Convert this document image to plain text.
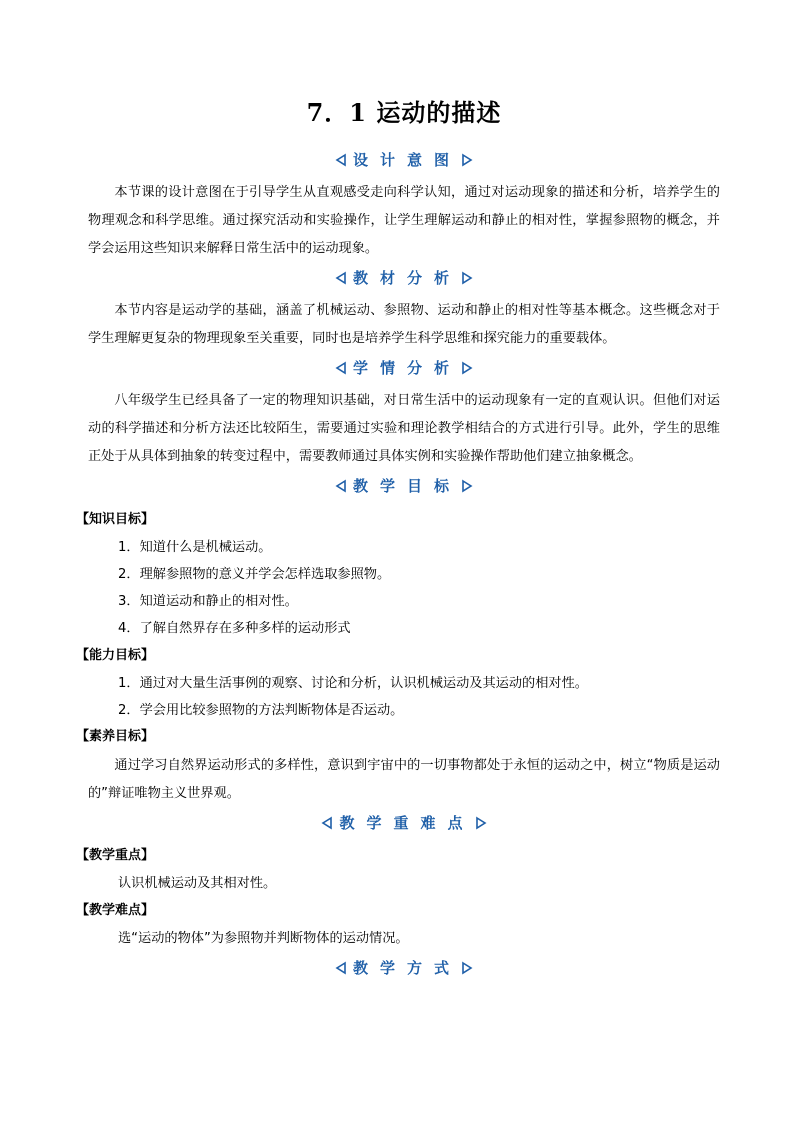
7．1 运动的描述
设计意图
本节课的设计意图在于引导学生从直观感受走向科学认知，通过对运动现象的描述和分析，培养学生的物理观念和科学思维。通过探究活动和实验操作，让学生理解运动和静止的相对性，掌握参照物的概念，并学会运用这些知识来解释日常生活中的运动现象。
教材分析
本节内容是运动学的基础，涵盖了机械运动、参照物、运动和静止的相对性等基本概念。这些概念对于学生理解更复杂的物理现象至关重要，同时也是培养学生科学思维和探究能力的重要载体。
学情分析
八年级学生已经具备了一定的物理知识基础，对日常生活中的运动现象有一定的直观认识。但他们对运动的科学描述和分析方法还比较陌生，需要通过实验和理论教学相结合的方式进行引导。此外，学生的思维正处于从具体到抽象的转变过程中，需要教师通过具体实例和实验操作帮助他们建立抽象概念。
教学目标
【知识目标】
1．知道什么是机械运动。
2．理解参照物的意义并学会怎样选取参照物。
3．知道运动和静止的相对性。
4．了解自然界存在多种多样的运动形式
【能力目标】
1．通过对大量生活事例的观察、讨论和分析，认识机械运动及其运动的相对性。
2．学会用比较参照物的方法判断物体是否运动。
【素养目标】
通过学习自然界运动形式的多样性，意识到宇宙中的一切事物都处于永恒的运动之中，树立“物质是运动的”辩证唯物主义世界观。
教学重难点
【教学重点】
认识机械运动及其相对性。
【教学难点】
选“运动的物体”为参照物并判断物体的运动情况。
教学方式
